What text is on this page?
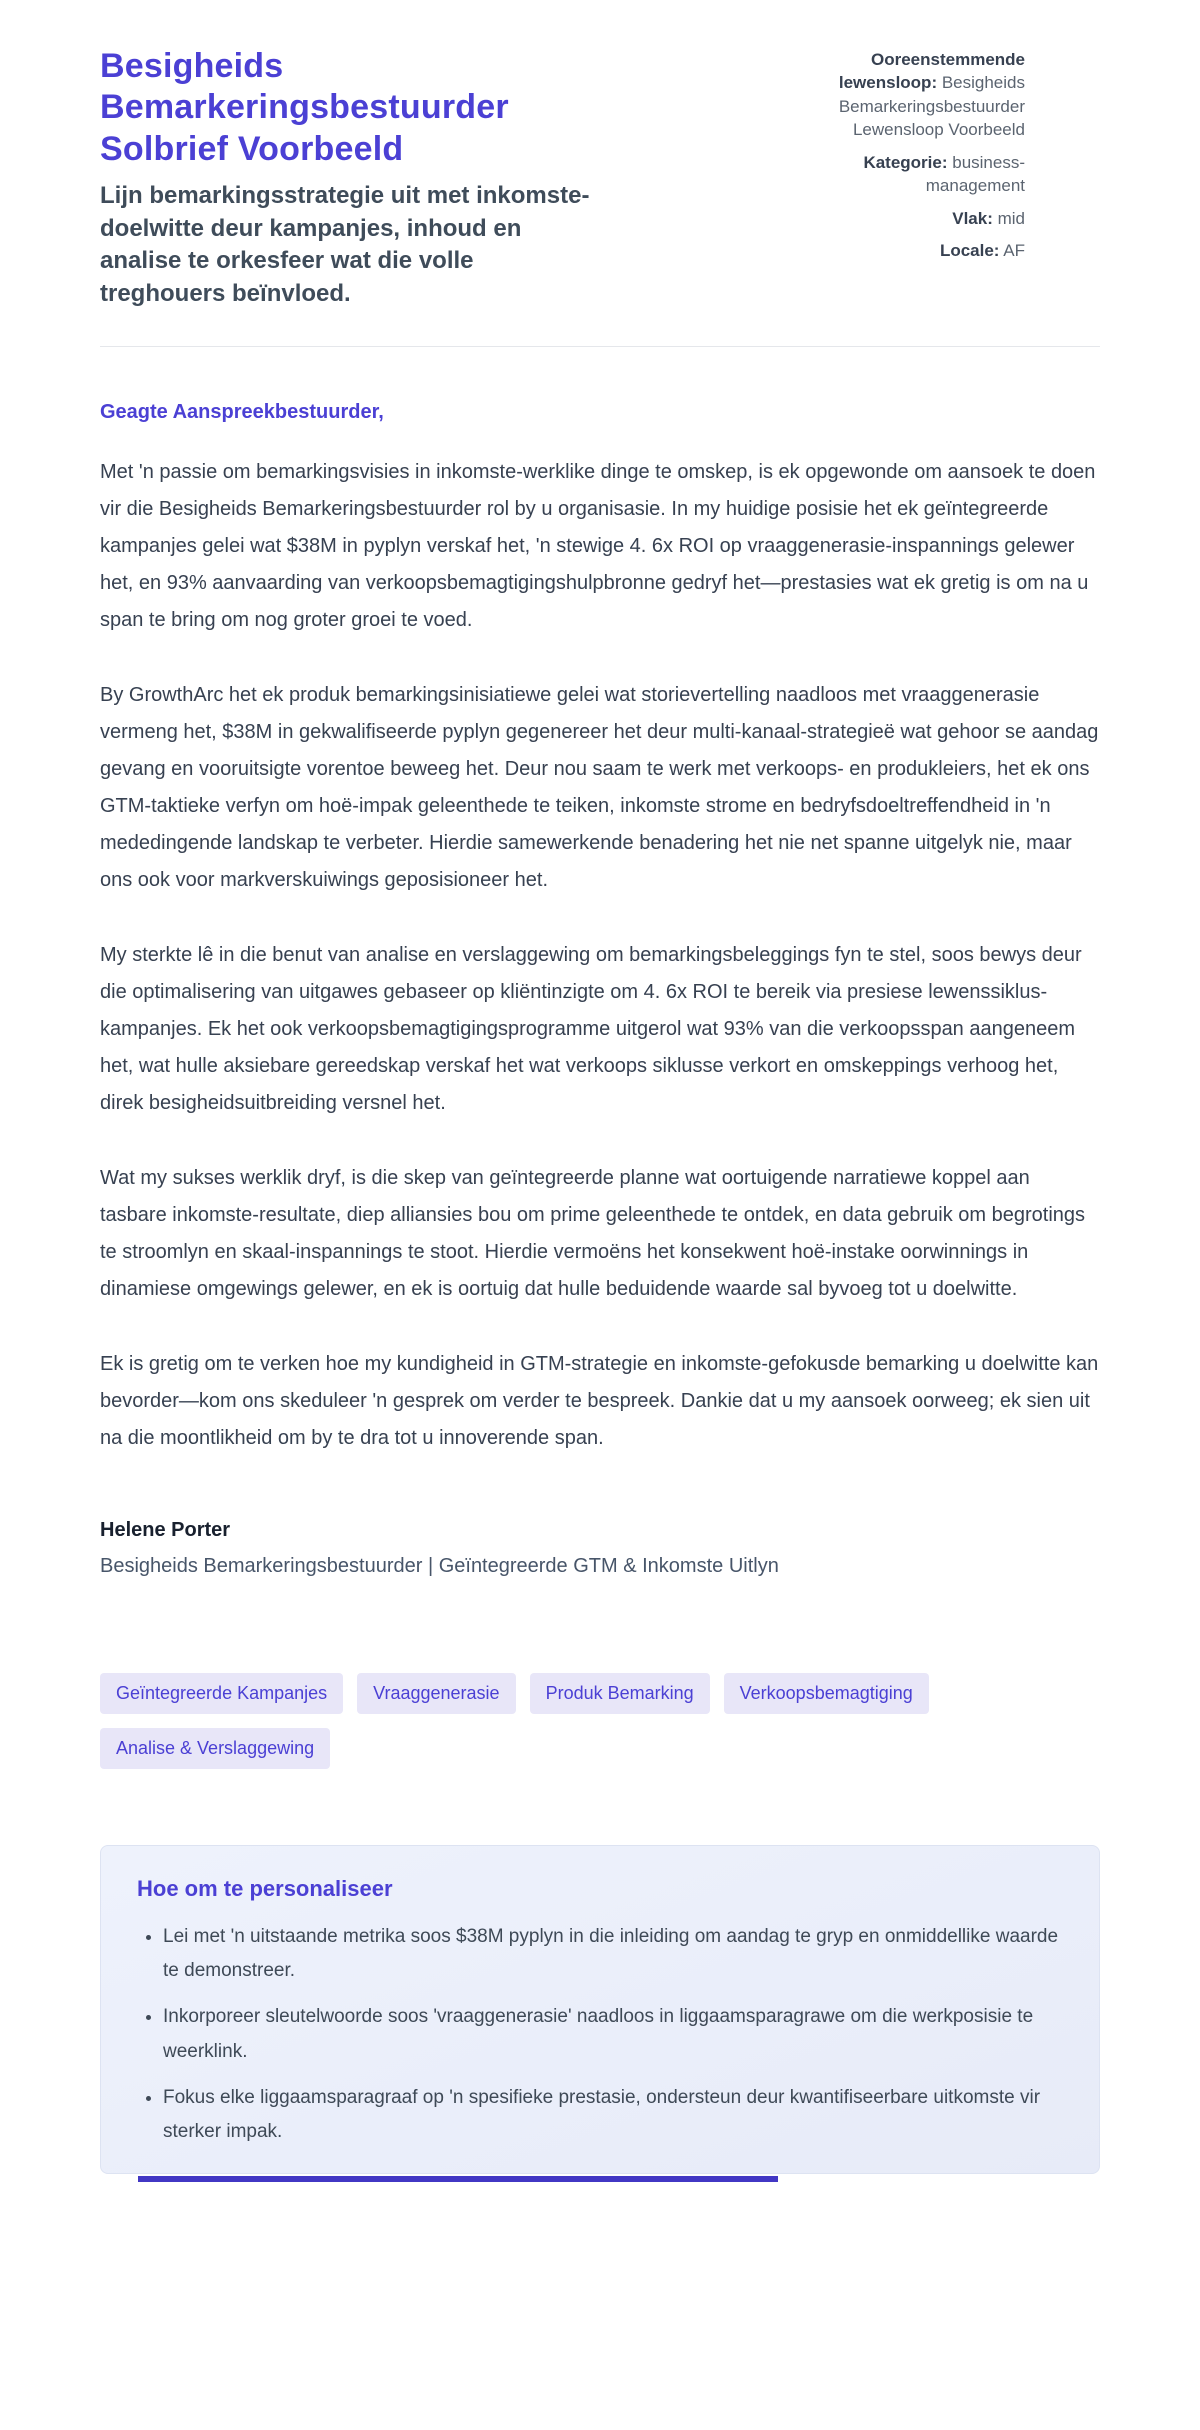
Besigheids Bemarkeringsbestuurder Solbrief Voorbeeld

Lijn bemarkingsstrategie uit met inkomste-doelwitte deur kampanjes, inhoud en analise te orkesfeer wat die volle treghouers beïnvloed.

Ooreenstemmende lewensloop: Besigheids Bemarkeringsbestuurder Lewensloop Voorbeeld
Kategorie: business-management
Vlak: mid
Locale: AF

Geagte Aanspreekbestuurder,

Met 'n passie om bemarkingsvisies in inkomste-werklike dinge te omskep, is ek opgewonde om aansoek te doen vir die Besigheids Bemarkeringsbestuurder rol by u organisasie. In my huidige posisie het ek geïntegreerde kampanjes gelei wat $38M in pyplyn verskaf het, 'n stewige 4. 6x ROI op vraaggenerasie-inspannings gelewer het, en 93% aanvaarding van verkoopsbemagtigingshulpbronne gedryf het—prestasies wat ek gretig is om na u span te bring om nog groter groei te voed.

By GrowthArc het ek produk bemarkingsinisiatiewe gelei wat storievertelling naadloos met vraaggenerasie vermeng het, $38M in gekwalifiseerde pyplyn gegenereer het deur multi-kanaal-strategieë wat gehoor se aandag gevang en vooruitsigte vorentoe beweeg het. Deur nou saam te werk met verkoops- en produkleiers, het ek ons GTM-taktieke verfyn om hoë-impak geleenthede te teiken, inkomste strome en bedryfsdoeltreffendheid in 'n mededingende landskap te verbeter. Hierdie samewerkende benadering het nie net spanne uitgelyk nie, maar ons ook voor markverskuiwings geposisioneer het.

My sterkte lê in die benut van analise en verslaggewing om bemarkingsbeleggings fyn te stel, soos bewys deur die optimalisering van uitgawes gebaseer op kliëntinzigte om 4. 6x ROI te bereik via presiese lewenssiklus-kampanjes. Ek het ook verkoopsbemagtigingsprogramme uitgerol wat 93% van die verkoopsspan aangeneem het, wat hulle aksiebare gereedskap verskaf het wat verkoops siklusse verkort en omskeppings verhoog het, direk besigheidsuitbreiding versnel het.

Wat my sukses werklik dryf, is die skep van geïntegreerde planne wat oortuigende narratiewe koppel aan tasbare inkomste-resultate, diep alliansies bou om prime geleenthede te ontdek, en data gebruik om begrotings te stroomlyn en skaal-inspannings te stoot. Hierdie vermoëns het konsekwent hoë-instake oorwinnings in dinamiese omgewings gelewer, en ek is oortuig dat hulle beduidende waarde sal byvoeg tot u doelwitte.

Ek is gretig om te verken hoe my kundigheid in GTM-strategie en inkomste-gefokusde bemarking u doelwitte kan bevorder—kom ons skeduleer 'n gesprek om verder te bespreek. Dankie dat u my aansoek oorweeg; ek sien uit na die moontlikheid om by te dra tot u innoverende span.

Helene Porter

Besigheids Bemarkeringsbestuurder | Geïntegreerde GTM & Inkomste Uitlyn

Geïntegreerde Kampanjes	Vraaggenerasie	Produk Bemarking	Verkoopsbemagtiging
Analise & Verslaggewing
Hoe om te personaliseer
• Lei met 'n uitstaande metrika soos $38M pyplyn in die inleiding om aandag te gryp en onmiddellike waarde te demonstreer.
• Inkorporeer sleutelwoorde soos 'vraaggenerasie' naadloos in liggaamsparagrawe om die werkposisie te weerklink.
• Fokus elke liggaamsparagraaf op 'n spesifieke prestasie, ondersteun deur kwantifiseerbare uitkomste vir sterker impak.
